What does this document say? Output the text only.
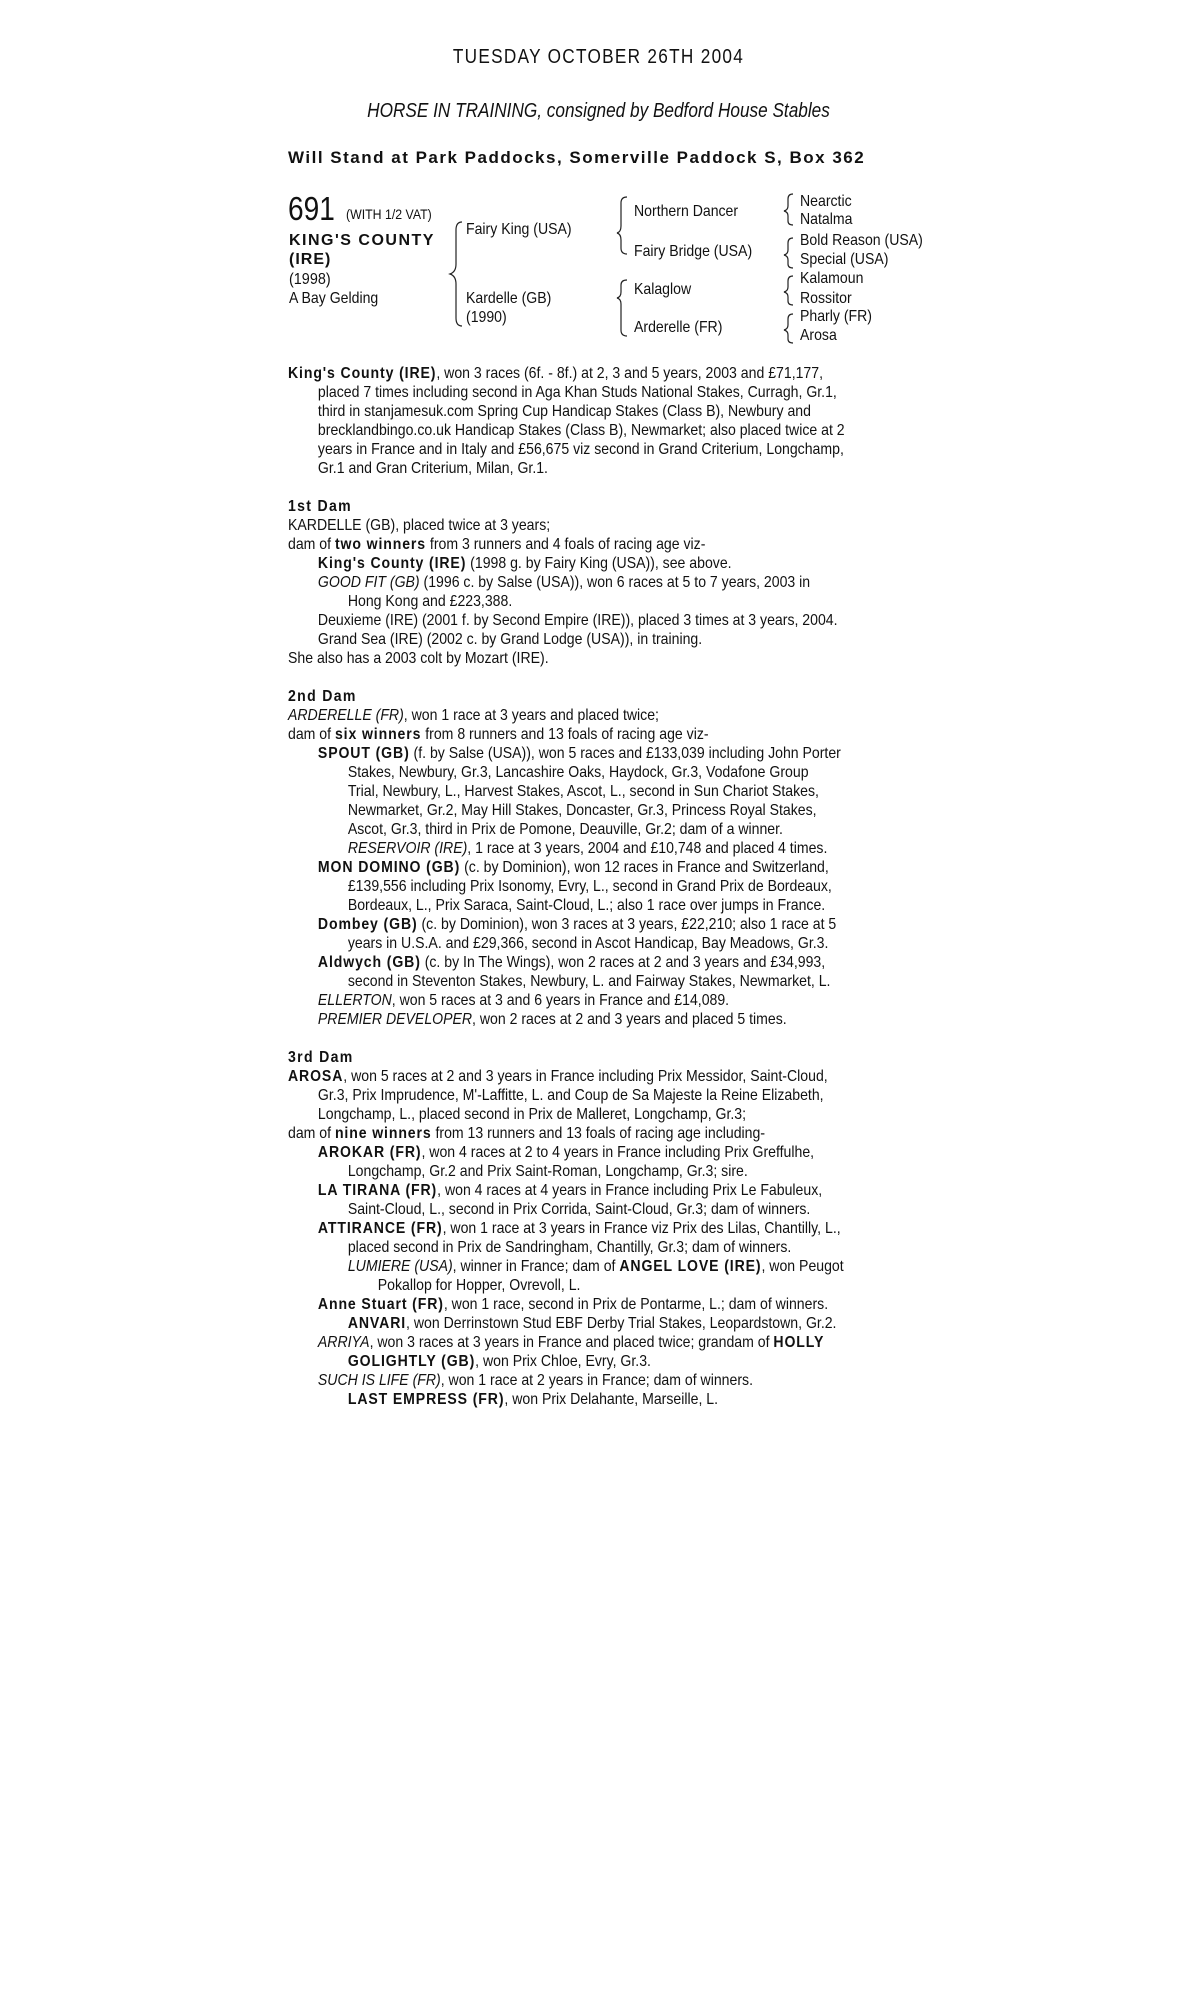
TUESDAY OCTOBER 26TH 2004
HORSE IN TRAINING, consigned by Bedford House Stables
Will Stand at Park Paddocks, Somerville Paddock S, Box 362
691 (WITH 1/2 VAT)
KING'S COUNTY
(IRE)
(1998)
A Bay Gelding
Fairy King (USA)
Kardelle (GB)
(1990)
Northern Dancer
Fairy Bridge (USA)
Kalaglow
Arderelle (FR)
Nearctic
Natalma
Bold Reason (USA)
Special (USA)
Kalamoun
Rossitor
Pharly (FR)
Arosa

King's County (IRE), won 3 races (6f. - 8f.) at 2, 3 and 5 years, 2003 and £71,177,

placed 7 times including second in Aga Khan Studs National Stakes, Curragh, Gr.1,

third in stanjamesuk.com Spring Cup Handicap Stakes (Class B), Newbury and

brecklandbingo.co.uk Handicap Stakes (Class B), Newmarket; also placed twice at 2

years in France and in Italy and £56,675 viz second in Grand Criterium, Longchamp,

Gr.1 and Gran Criterium, Milan, Gr.1.

1st Dam

KARDELLE (GB), placed twice at 3 years;

dam of two winners from 3 runners and 4 foals of racing age viz-

King's County (IRE) (1998 g. by Fairy King (USA)), see above.

GOOD FIT (GB) (1996 c. by Salse (USA)), won 6 races at 5 to 7 years, 2003 in

Hong Kong and £223,388.

Deuxieme (IRE) (2001 f. by Second Empire (IRE)), placed 3 times at 3 years, 2004.

Grand Sea (IRE) (2002 c. by Grand Lodge (USA)), in training.

She also has a 2003 colt by Mozart (IRE).

2nd Dam

ARDERELLE (FR), won 1 race at 3 years and placed twice;

dam of six winners from 8 runners and 13 foals of racing age viz-

SPOUT (GB) (f. by Salse (USA)), won 5 races and £133,039 including John Porter

Stakes, Newbury, Gr.3, Lancashire Oaks, Haydock, Gr.3, Vodafone Group

Trial, Newbury, L., Harvest Stakes, Ascot, L., second in Sun Chariot Stakes,

Newmarket, Gr.2, May Hill Stakes, Doncaster, Gr.3, Princess Royal Stakes,

Ascot, Gr.3, third in Prix de Pomone, Deauville, Gr.2; dam of a winner.

RESERVOIR (IRE), 1 race at 3 years, 2004 and £10,748 and placed 4 times.

MON DOMINO (GB) (c. by Dominion), won 12 races in France and Switzerland,

£139,556 including Prix Isonomy, Evry, L., second in Grand Prix de Bordeaux,

Bordeaux, L., Prix Saraca, Saint-Cloud, L.; also 1 race over jumps in France.

Dombey (GB) (c. by Dominion), won 3 races at 3 years, £22,210; also 1 race at 5

years in U.S.A. and £29,366, second in Ascot Handicap, Bay Meadows, Gr.3.

Aldwych (GB) (c. by In The Wings), won 2 races at 2 and 3 years and £34,993,

second in Steventon Stakes, Newbury, L. and Fairway Stakes, Newmarket, L.

ELLERTON, won 5 races at 3 and 6 years in France and £14,089.

PREMIER DEVELOPER, won 2 races at 2 and 3 years and placed 5 times.

3rd Dam

AROSA, won 5 races at 2 and 3 years in France including Prix Messidor, Saint-Cloud,

Gr.3, Prix Imprudence, M'-Laffitte, L. and Coup de Sa Majeste la Reine Elizabeth,

Longchamp, L., placed second in Prix de Malleret, Longchamp, Gr.3;

dam of nine winners from 13 runners and 13 foals of racing age including-

AROKAR (FR), won 4 races at 2 to 4 years in France including Prix Greffulhe,

Longchamp, Gr.2 and Prix Saint-Roman, Longchamp, Gr.3; sire.

LA TIRANA (FR), won 4 races at 4 years in France including Prix Le Fabuleux,

Saint-Cloud, L., second in Prix Corrida, Saint-Cloud, Gr.3; dam of winners.

ATTIRANCE (FR), won 1 race at 3 years in France viz Prix des Lilas, Chantilly, L.,

placed second in Prix de Sandringham, Chantilly, Gr.3; dam of winners.

LUMIERE (USA), winner in France; dam of ANGEL LOVE (IRE), won Peugot

Pokallop for Hopper, Ovrevoll, L.

Anne Stuart (FR), won 1 race, second in Prix de Pontarme, L.; dam of winners.

ANVARI, won Derrinstown Stud EBF Derby Trial Stakes, Leopardstown, Gr.2.

ARRIYA, won 3 races at 3 years in France and placed twice; grandam of HOLLY

GOLIGHTLY (GB), won Prix Chloe, Evry, Gr.3.

SUCH IS LIFE (FR), won 1 race at 2 years in France; dam of winners.

LAST EMPRESS (FR), won Prix Delahante, Marseille, L.
